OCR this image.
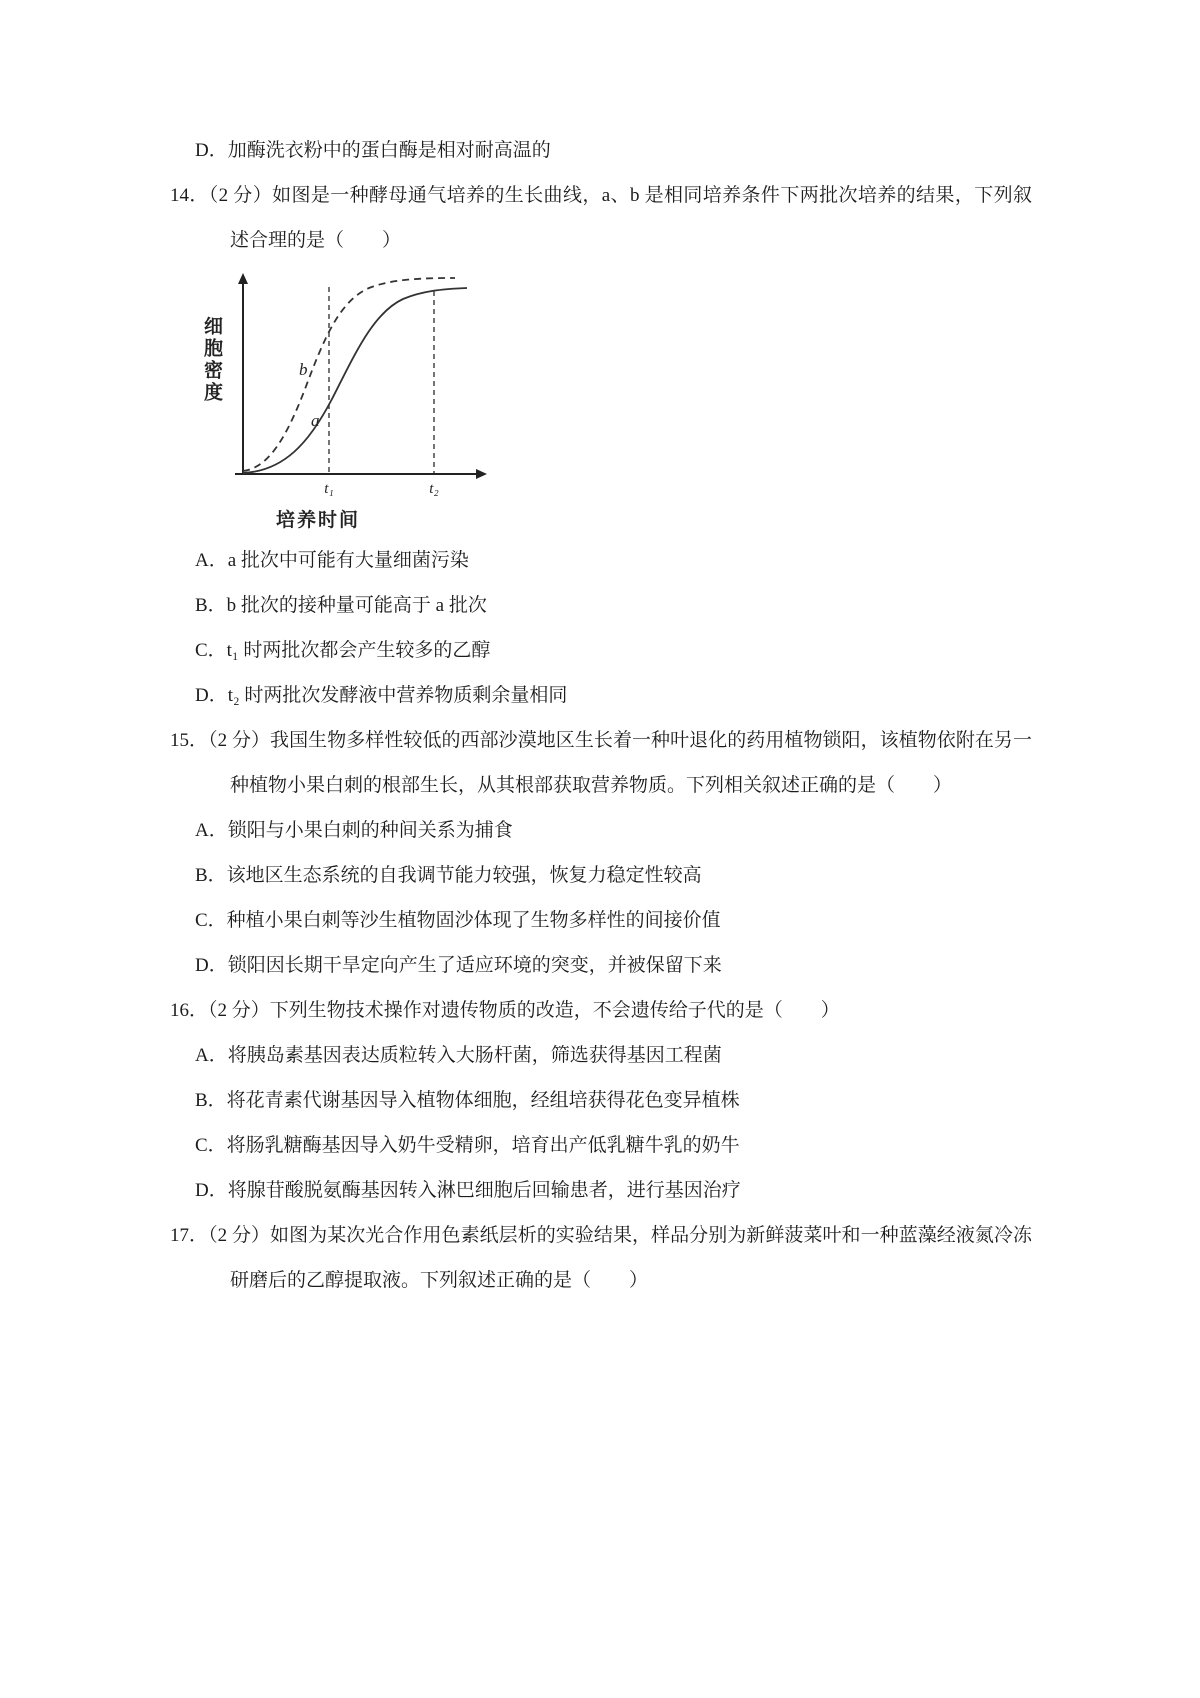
D．加酶洗衣粉中的蛋白酶是相对耐高温的

14．（2 分）如图是一种酵母通气培养的生长曲线，a、b 是相同培养条件下两批次培养的结果，下列叙述合理的是（　　）

细胞密度	b
a
t₁	t₂
培养时间

A．a 批次中可能有大量细菌污染

B．b 批次的接种量可能高于 a 批次

C．t₁ 时两批次都会产生较多的乙醇

D．t₂ 时两批次发酵液中营养物质剩余量相同

15．（2 分）我国生物多样性较低的西部沙漠地区生长着一种叶退化的药用植物锁阳，该植物依附在另一种植物小果白刺的根部生长，从其根部获取营养物质。下列相关叙述正确的是（　　）

A．锁阳与小果白刺的种间关系为捕食

B．该地区生态系统的自我调节能力较强，恢复力稳定性较高

C．种植小果白刺等沙生植物固沙体现了生物多样性的间接价值

D．锁阳因长期干旱定向产生了适应环境的突变，并被保留下来

16．（2 分）下列生物技术操作对遗传物质的改造，不会遗传给子代的是（　　）

A．将胰岛素基因表达质粒转入大肠杆菌，筛选获得基因工程菌

B．将花青素代谢基因导入植物体细胞，经组培获得花色变异植株

C．将肠乳糖酶基因导入奶牛受精卵，培育出产低乳糖牛乳的奶牛

D．将腺苷酸脱氨酶基因转入淋巴细胞后回输患者，进行基因治疗

17．（2 分）如图为某次光合作用色素纸层析的实验结果，样品分别为新鲜菠菜叶和一种蓝藻经液氮冷冻研磨后的乙醇提取液。下列叙述正确的是（　　）
